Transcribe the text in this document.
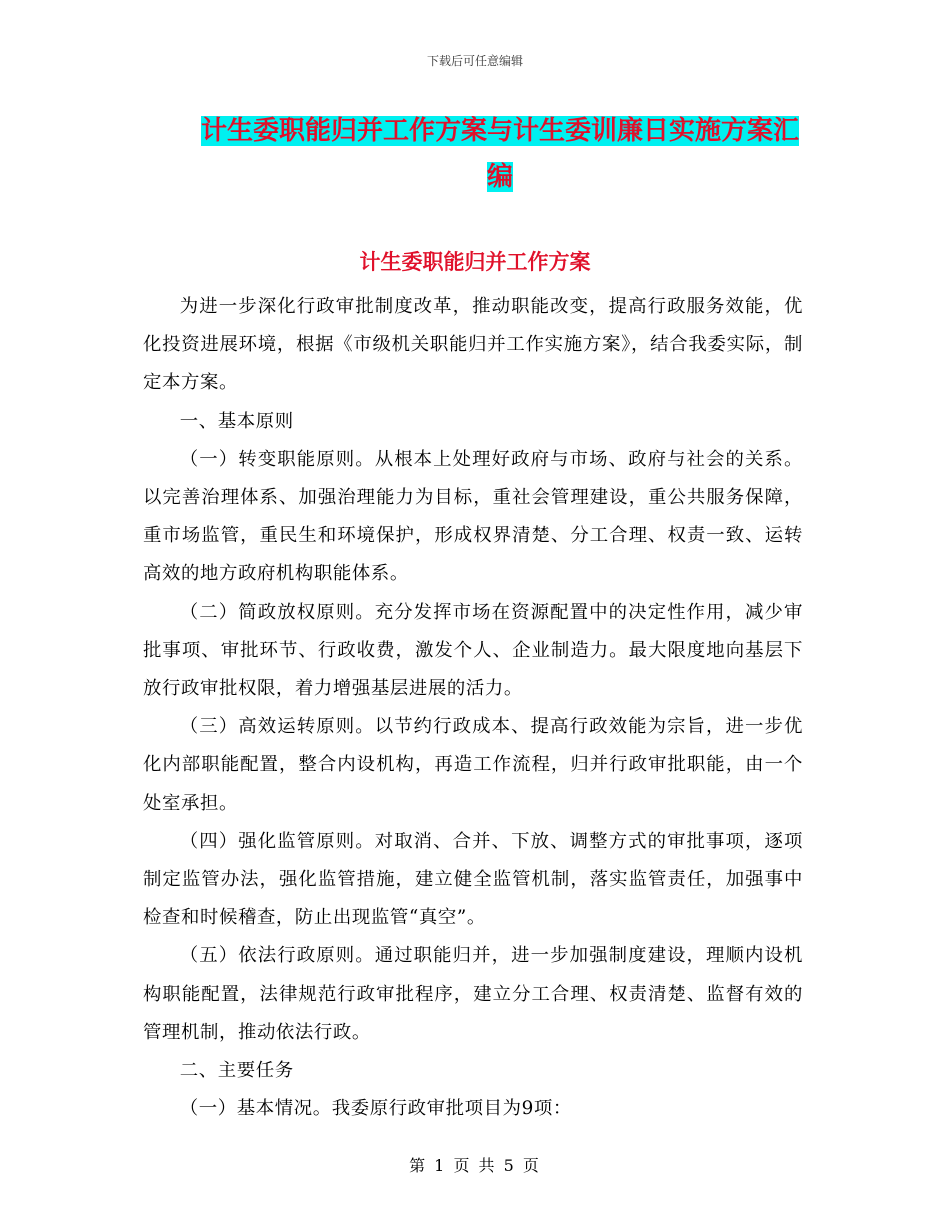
下载后可任意编辑
计生委职能归并工作方案与计生委训廉日实施方案汇
编
计生委职能归并工作方案

为进一步深化行政审批制度改革，推动职能改变，提高行政服务效能，优化投资进展环境，根据《市级机关职能归并工作实施方案》，结合我委实际，制定本方案。

一、基本原则

（一）转变职能原则。从根本上处理好政府与市场、政府与社会的关系。以完善治理体系、加强治理能力为目标，重社会管理建设，重公共服务保障，重市场监管，重民生和环境保护，形成权界清楚、分工合理、权责一致、运转高效的地方政府机构职能体系。

（二）简政放权原则。充分发挥市场在资源配置中的决定性作用，减少审批事项、审批环节、行政收费，激发个人、企业制造力。最大限度地向基层下放行政审批权限，着力增强基层进展的活力。

（三）高效运转原则。以节约行政成本、提高行政效能为宗旨，进一步优化内部职能配置，整合内设机构，再造工作流程，归并行政审批职能，由一个处室承担。

（四）强化监管原则。对取消、合并、下放、调整方式的审批事项，逐项制定监管办法，强化监管措施，建立健全监管机制，落实监管责任，加强事中检查和时候稽查，防止出现监管“真空”。

（五）依法行政原则。通过职能归并，进一步加强制度建设，理顺内设机构职能配置，法律规范行政审批程序，建立分工合理、权责清楚、监督有效的管理机制，推动依法行政。

二、主要任务

（一）基本情况。我委原行政审批项目为9项：

第 1 页 共 5 页
